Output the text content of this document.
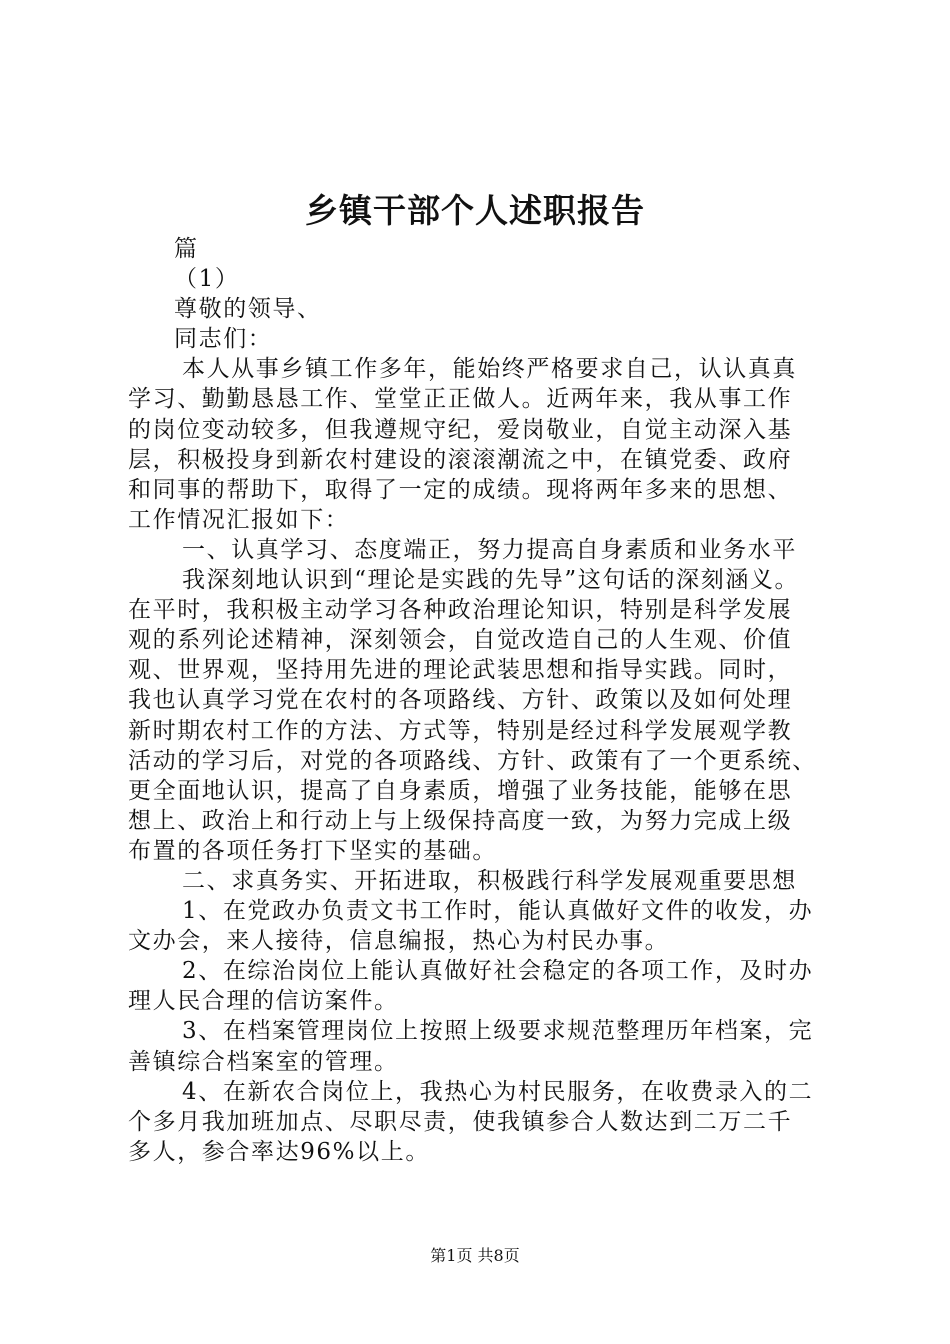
乡镇干部个人述职报告
篇
（1）
尊敬的领导、
同志们：
本人从事乡镇工作多年，能始终严格要求自己，认认真真
学习、勤勤恳恳工作、堂堂正正做人。近两年来，我从事工作
的岗位变动较多，但我遵规守纪，爱岗敬业，自觉主动深入基
层，积极投身到新农村建设的滚滚潮流之中，在镇党委、政府
和同事的帮助下，取得了一定的成绩。现将两年多来的思想、
工作情况汇报如下：
一、认真学习、态度端正，努力提高自身素质和业务水平
我深刻地认识到“理论是实践的先导”这句话的深刻涵义。
在平时，我积极主动学习各种政治理论知识，特别是科学发展
观的系列论述精神，深刻领会，自觉改造自己的人生观、价值
观、世界观，坚持用先进的理论武装思想和指导实践。同时，
我也认真学习党在农村的各项路线、方针、政策以及如何处理
新时期农村工作的方法、方式等，特别是经过科学发展观学教
活动的学习后，对党的各项路线、方针、政策有了一个更系统、
更全面地认识，提高了自身素质，增强了业务技能，能够在思
想上、政治上和行动上与上级保持高度一致，为努力完成上级
布置的各项任务打下坚实的基础。
二、求真务实、开拓进取，积极践行科学发展观重要思想
1、在党政办负责文书工作时，能认真做好文件的收发，办
文办会，来人接待，信息编报，热心为村民办事。
2、在综治岗位上能认真做好社会稳定的各项工作，及时办
理人民合理的信访案件。
3、在档案管理岗位上按照上级要求规范整理历年档案，完
善镇综合档案室的管理。
4、在新农合岗位上，我热心为村民服务，在收费录入的二
个多月我加班加点、尽职尽责，使我镇参合人数达到二万二千
多人，参合率达96%以上。
第1页 共8页
